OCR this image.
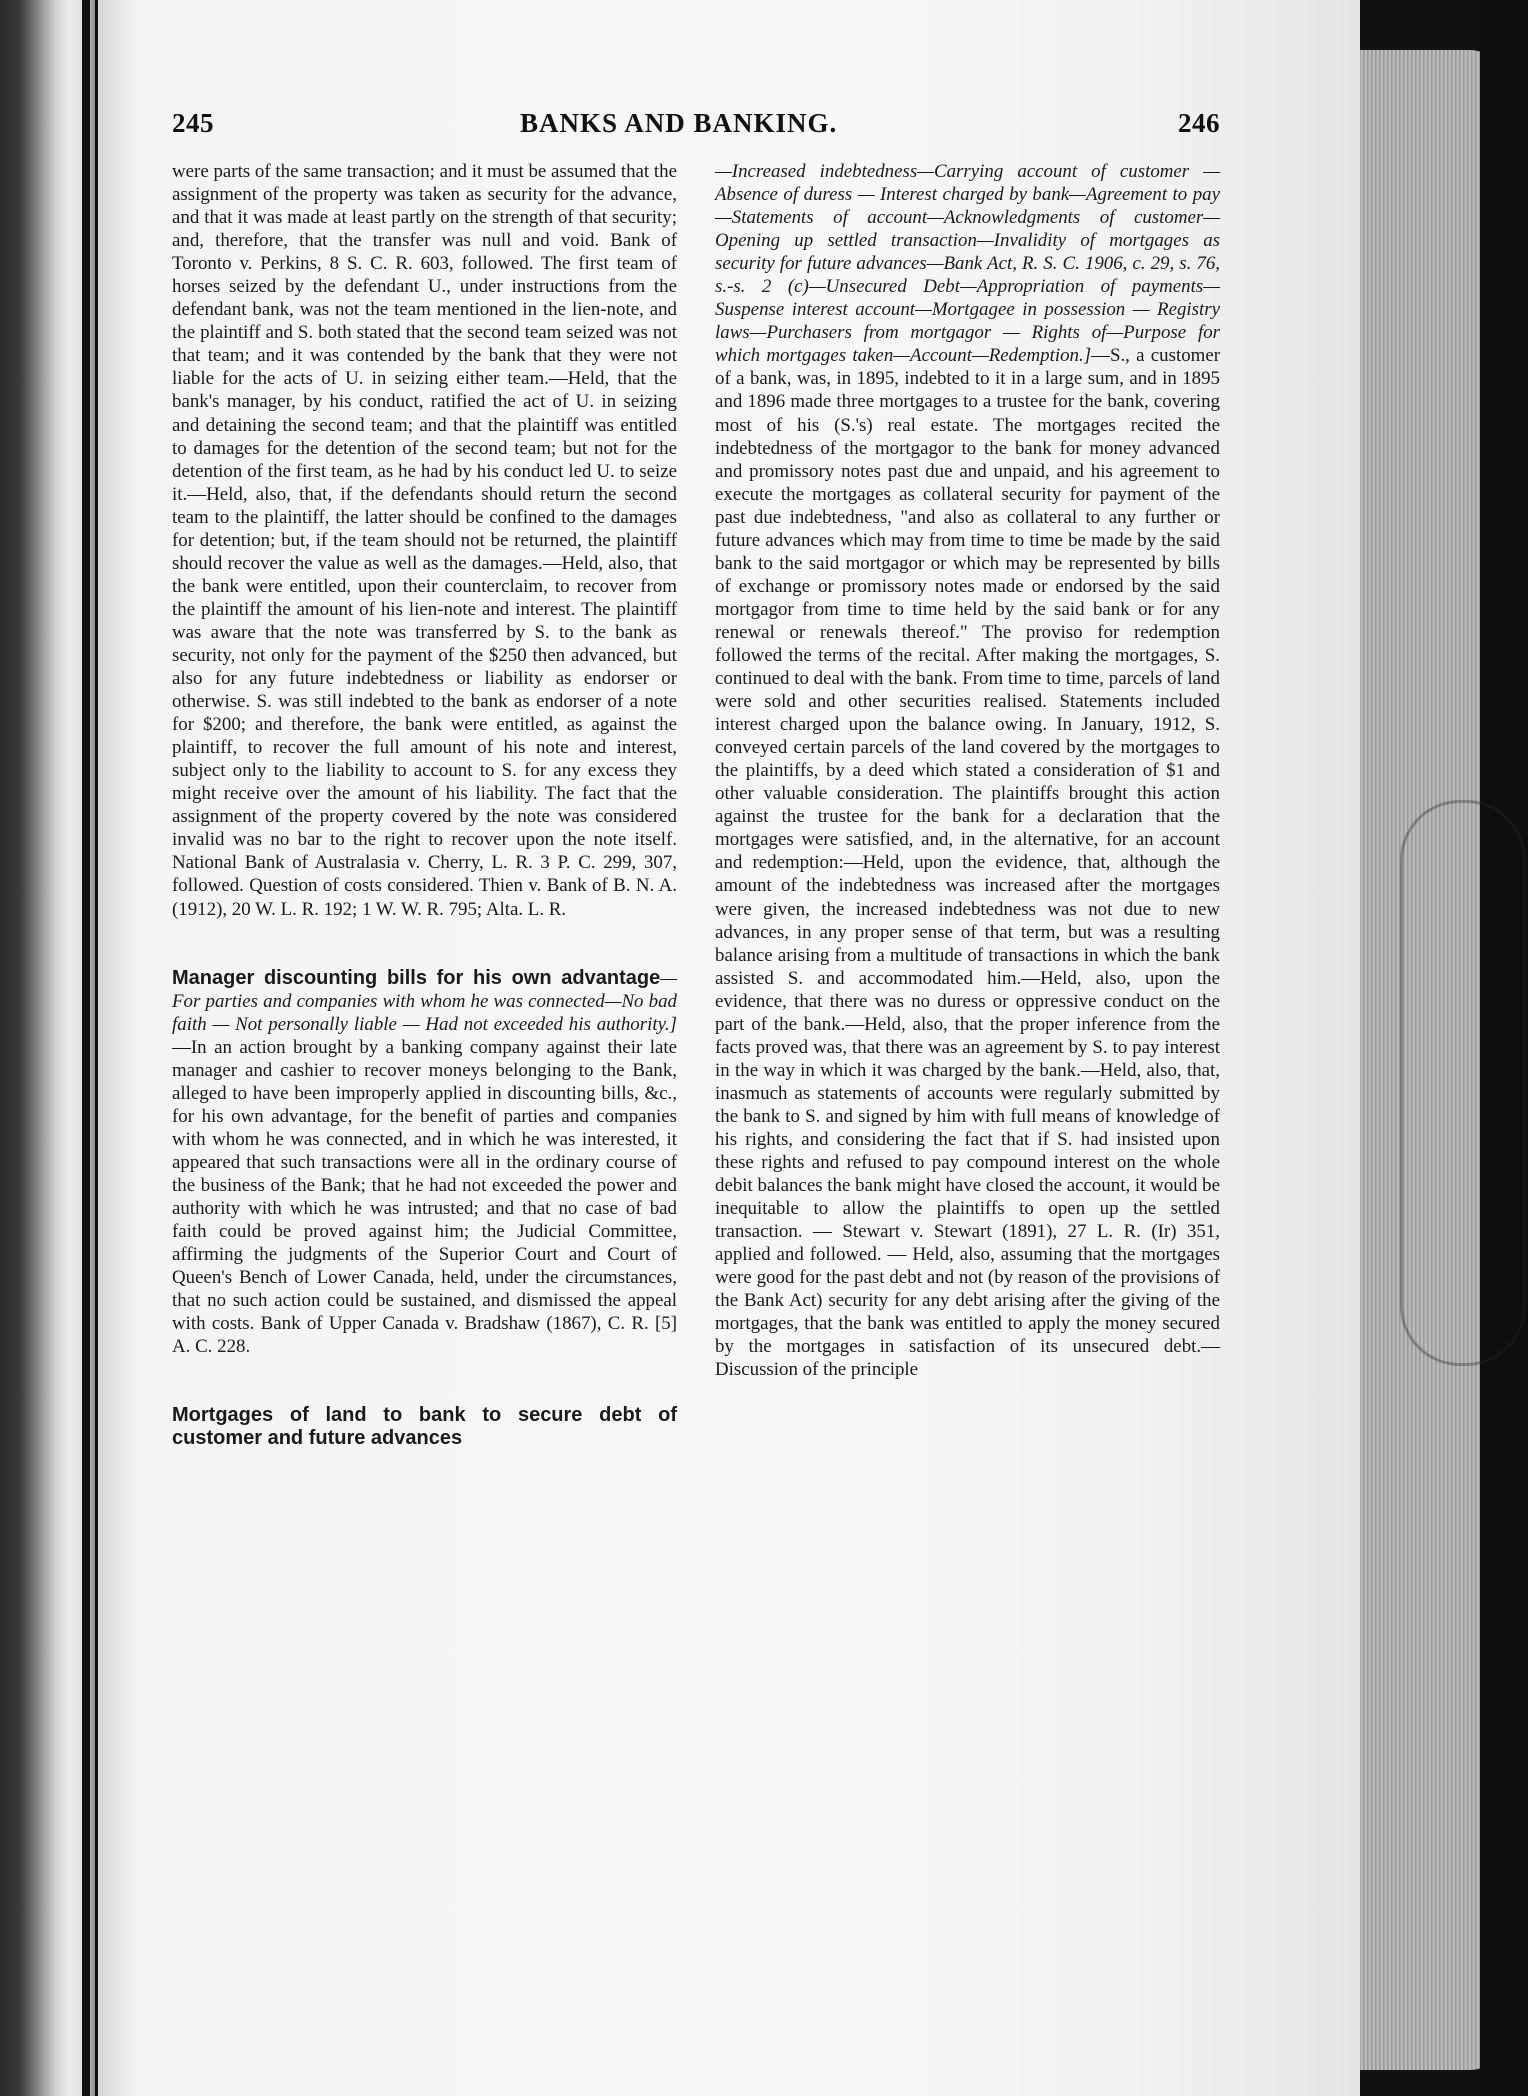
245	BANKS AND BANKING.	246

were parts of the same transaction; and it must be assumed that the assignment of the property was taken as security for the advance, and that it was made at least partly on the strength of that security; and, therefore, that the transfer was null and void. Bank of Toronto v. Perkins, 8 S. C. R. 603, followed. The first team of horses seized by the defendant U., under instructions from the defendant bank, was not the team mentioned in the lien-note, and the plaintiff and S. both stated that the second team seized was not that team; and it was contended by the bank that they were not liable for the acts of U. in seizing either team.—Held, that the bank's manager, by his conduct, ratified the act of U. in seizing and detaining the second team; and that the plaintiff was entitled to damages for the detention of the second team; but not for the detention of the first team, as he had by his conduct led U. to seize it.—Held, also, that, if the defendants should return the second team to the plaintiff, the latter should be confined to the damages for detention; but, if the team should not be returned, the plaintiff should recover the value as well as the damages.—Held, also, that the bank were entitled, upon their counterclaim, to recover from the plaintiff the amount of his lien-note and interest. The plaintiff was aware that the note was transferred by S. to the bank as security, not only for the payment of the $250 then advanced, but also for any future indebtedness or liability as endorser or otherwise. S. was still indebted to the bank as endorser of a note for $200; and therefore, the bank were entitled, as against the plaintiff, to recover the full amount of his note and interest, subject only to the liability to account to S. for any excess they might receive over the amount of his liability. The fact that the assignment of the property covered by the note was considered invalid was no bar to the right to recover upon the note itself. National Bank of Australasia v. Cherry, L. R. 3 P. C. 299, 307, followed. Question of costs considered. Thien v. Bank of B. N. A. (1912), 20 W. L. R. 192; 1 W. W. R. 795; Alta. L. R.

Manager discounting bills for his own advantage—For parties and companies with whom he was connected—No bad faith — Not personally liable — Had not exceeded his authority.]—In an action brought by a banking company against their late manager and cashier to recover moneys belonging to the Bank, alleged to have been improperly applied in discounting bills, &c., for his own advantage, for the benefit of parties and companies with whom he was connected, and in which he was interested, it appeared that such transactions were all in the ordinary course of the business of the Bank; that he had not exceeded the power and authority with which he was intrusted; and that no case of bad faith could be proved against him; the Judicial Committee, affirming the judgments of the Superior Court and Court of Queen's Bench of Lower Canada, held, under the circumstances, that no such action could be sustained, and dismissed the appeal with costs. Bank of Upper Canada v. Bradshaw (1867), C. R. [5] A. C. 228.

Mortgages of land to bank to secure debt of customer and future advances

—Increased indebtedness—Carrying account of customer — Absence of duress — Interest charged by bank—Agreement to pay—Statements of account—Acknowledgments of customer—Opening up settled transaction—Invalidity of mortgages as security for future advances—Bank Act, R. S. C. 1906, c. 29, s. 76, s.-s. 2 (c)—Unsecured Debt—Appropriation of payments—Suspense interest account—Mortgagee in possession — Registry laws—Purchasers from mortgagor — Rights of—Purpose for which mortgages taken—Account—Redemption.]—S., a customer of a bank, was, in 1895, indebted to it in a large sum, and in 1895 and 1896 made three mortgages to a trustee for the bank, covering most of his (S.'s) real estate. The mortgages recited the indebtedness of the mortgagor to the bank for money advanced and promissory notes past due and unpaid, and his agreement to execute the mortgages as collateral security for payment of the past due indebtedness, "and also as collateral to any further or future advances which may from time to time be made by the said bank to the said mortgagor or which may be represented by bills of exchange or promissory notes made or endorsed by the said mortgagor from time to time held by the said bank or for any renewal or renewals thereof." The proviso for redemption followed the terms of the recital. After making the mortgages, S. continued to deal with the bank. From time to time, parcels of land were sold and other securities realised. Statements included interest charged upon the balance owing. In January, 1912, S. conveyed certain parcels of the land covered by the mortgages to the plaintiffs, by a deed which stated a consideration of $1 and other valuable consideration. The plaintiffs brought this action against the trustee for the bank for a declaration that the mortgages were satisfied, and, in the alternative, for an account and redemption:—Held, upon the evidence, that, although the amount of the indebtedness was increased after the mortgages were given, the increased indebtedness was not due to new advances, in any proper sense of that term, but was a resulting balance arising from a multitude of transactions in which the bank assisted S. and accommodated him.—Held, also, upon the evidence, that there was no duress or oppressive conduct on the part of the bank.—Held, also, that the proper inference from the facts proved was, that there was an agreement by S. to pay interest in the way in which it was charged by the bank.—Held, also, that, inasmuch as statements of accounts were regularly submitted by the bank to S. and signed by him with full means of knowledge of his rights, and considering the fact that if S. had insisted upon these rights and refused to pay compound interest on the whole debit balances the bank might have closed the account, it would be inequitable to allow the plaintiffs to open up the settled transaction. — Stewart v. Stewart (1891), 27 L. R. (Ir) 351, applied and followed. — Held, also, assuming that the mortgages were good for the past debt and not (by reason of the provisions of the Bank Act) security for any debt arising after the giving of the mortgages, that the bank was entitled to apply the money secured by the mortgages in satisfaction of its unsecured debt.—Discussion of the principle
